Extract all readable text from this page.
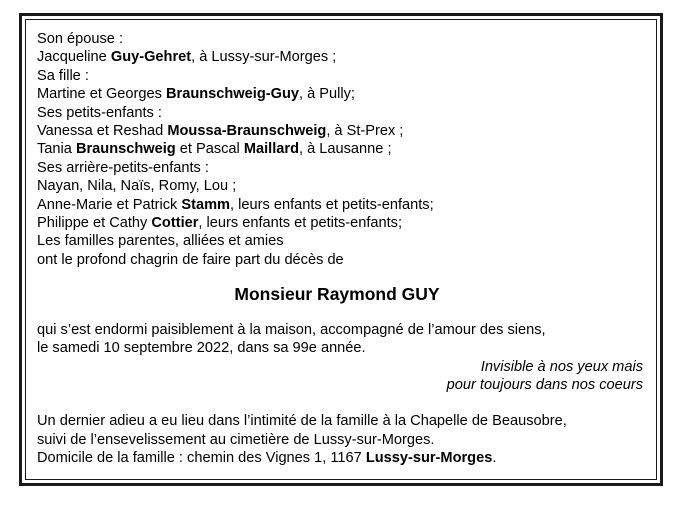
Son épouse :

Jacqueline Guy-Gehret, à Lussy-sur-Morges ;

Sa fille :

Martine et Georges Braunschweig-Guy, à Pully;

Ses petits-enfants :

Vanessa et Reshad Moussa-Braunschweig, à St-Prex ;

Tania Braunschweig et Pascal Maillard, à Lausanne ;

Ses arrière-petits-enfants :

Nayan, Nila, Naïs, Romy, Lou ;

Anne-Marie et Patrick Stamm, leurs enfants et petits-enfants;

Philippe et Cathy Cottier, leurs enfants et petits-enfants;

Les familles parentes, alliées et amies

ont le profond chagrin de faire part du décès de

Monsieur Raymond GUY

qui s’est endormi paisiblement à la maison, accompagné de l’amour des siens,

le samedi 10 septembre 2022, dans sa 99e année.

Invisible à nos yeux mais

pour toujours dans nos coeurs

Un dernier adieu a eu lieu dans l’intimité de la famille à la Chapelle de Beausobre,

suivi de l’ensevelissement au cimetière de Lussy-sur-Morges.

Domicile de la famille : chemin des Vignes 1, 1167 Lussy-sur-Morges.
